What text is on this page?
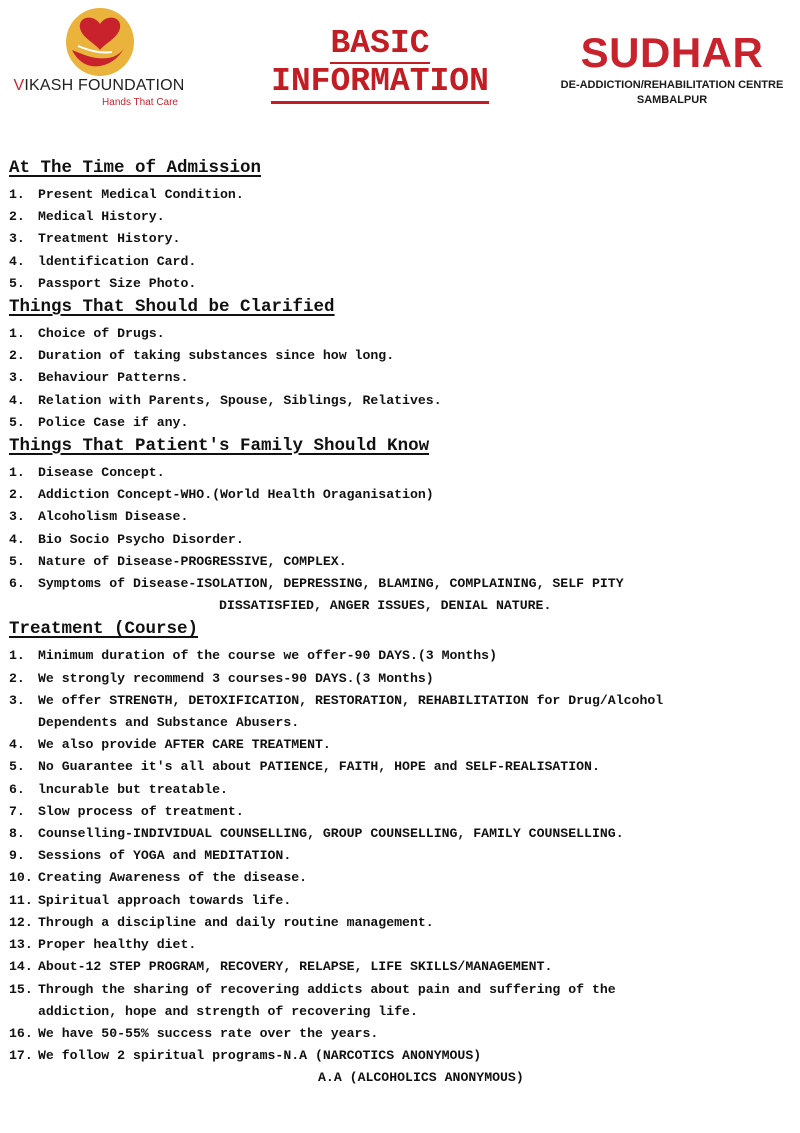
VIKASH FOUNDATION
Hands That Care
BASIC
INFORMATION
SUDHAR
DE-ADDICTION/REHABILITATION CENTRE
SAMBALPUR
At The Time of Admission
1. Present Medical Condition.
2. Medical History.
3. Treatment History.
4. ldentification Card.
5. Passport Size Photo.
Things That Should be Clarified
1. Choice of Drugs.
2. Duration of taking substances since how long.
3. Behaviour Patterns.
4. Relation with Parents, Spouse, Siblings, Relatives.
5. Police Case if any.
Things That Patient's Family Should Know
1. Disease Concept.
2. Addiction Concept-WHO.(World Health Oraganisation)
3. Alcoholism Disease.
4. Bio Socio Psycho Disorder.
5. Nature of Disease-PROGRESSIVE, COMPLEX.
6. Symptoms of Disease-ISOLATION, DEPRESSING, BLAMING, COMPLAINING, SELF PITY
DISSATISFIED, ANGER ISSUES, DENIAL NATURE.
Treatment (Course)
1. Minimum duration of the course we offer-90 DAYS.(3 Months)
2. We strongly recommend 3 courses-90 DAYS.(3 Months)
3. We offer STRENGTH, DETOXIFICATION, RESTORATION, REHABILITATION for Drug/Alcohol
Dependents and Substance Abusers.
4. We also provide AFTER CARE TREATMENT.
5. No Guarantee it's all about PATIENCE, FAITH, HOPE and SELF-REALISATION.
6. lncurable but treatable.
7. Slow process of treatment.
8. Counselling-INDIVIDUAL COUNSELLING, GROUP COUNSELLING, FAMILY COUNSELLING.
9. Sessions of YOGA and MEDITATION.
10. Creating Awareness of the disease.
11. Spiritual approach towards life.
12. Through a discipline and daily routine management.
13. Proper healthy diet.
14. About-12 STEP PROGRAM, RECOVERY, RELAPSE, LIFE SKILLS/MANAGEMENT.
15. Through the sharing of recovering addicts about pain and suffering of the
addiction, hope and strength of recovering life.
16. We have 50-55% success rate over the years.
17. We follow 2 spiritual programs-N.A (NARCOTICS ANONYMOUS)
A.A (ALCOHOLICS ANONYMOUS)
